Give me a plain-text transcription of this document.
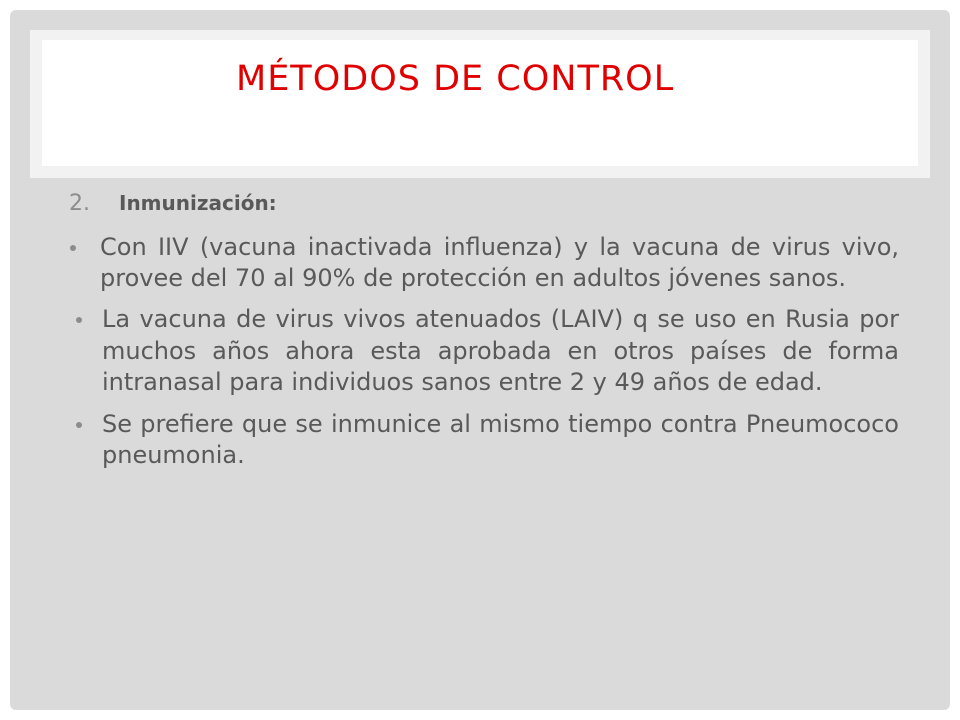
MÉTODOS DE CONTROL
2.	Inmunización:
Con IIV (vacuna inactivada influenza) y la vacuna de virus vivo, provee del 70 al 90% de protección en adultos jóvenes sanos.
La vacuna de virus vivos atenuados (LAIV) q se uso en Rusia por muchos años ahora esta aprobada en otros países de forma intranasal para individuos sanos entre 2 y 49 años de edad.
Se prefiere que se inmunice al mismo tiempo contra Pneumococo pneumonia.
